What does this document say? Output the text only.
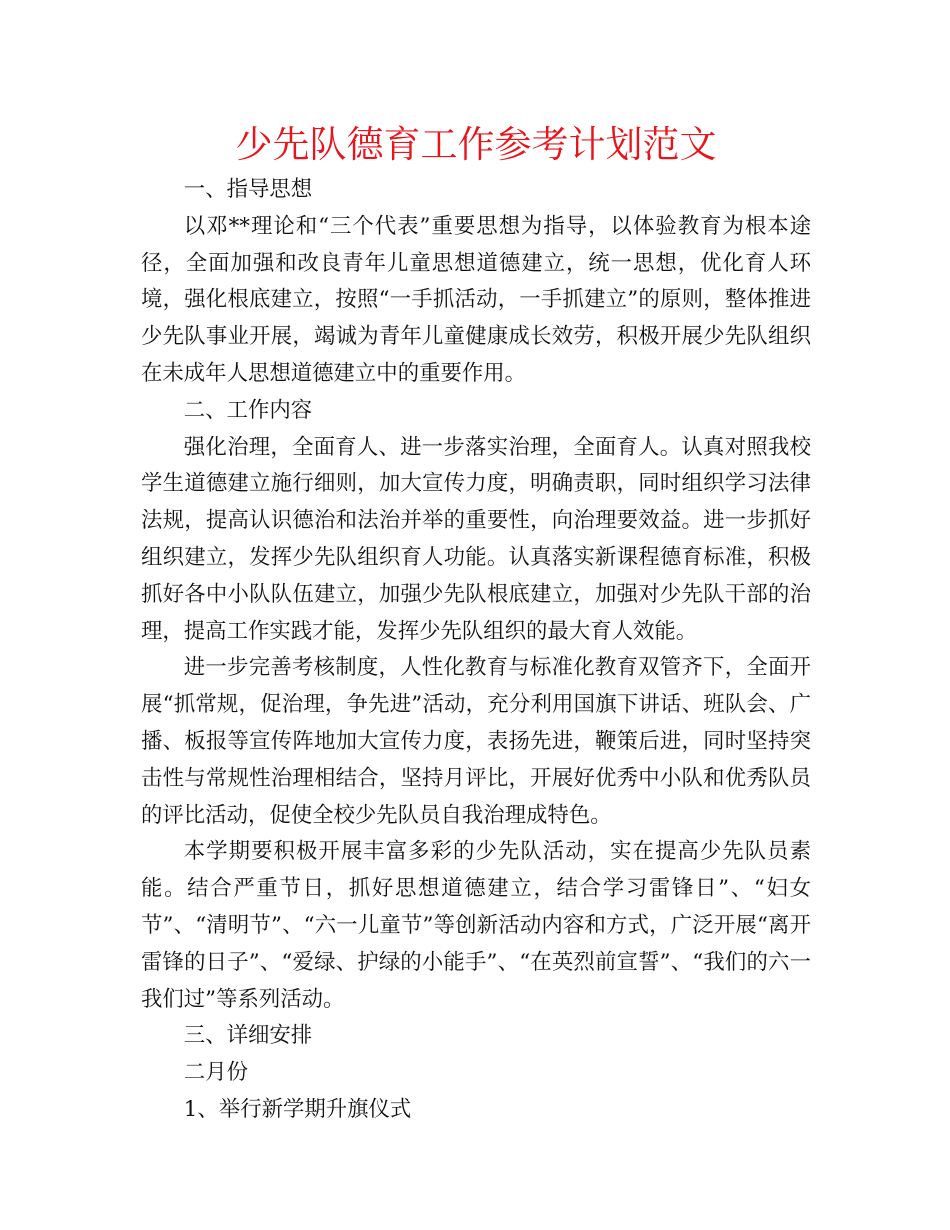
少先队德育工作参考计划范文

一、指导思想

以邓**理论和“三个代表”重要思想为指导，以体验教育为根本途径，全面加强和改良青年儿童思想道德建立，统一思想，优化育人环境，强化根底建立，按照“一手抓活动，一手抓建立”的原则，整体推进少先队事业开展，竭诚为青年儿童健康成长效劳，积极开展少先队组织在未成年人思想道德建立中的重要作用。

二、工作内容

强化治理，全面育人、进一步落实治理，全面育人。认真对照我校学生道德建立施行细则，加大宣传力度，明确责职，同时组织学习法律法规，提高认识德治和法治并举的重要性，向治理要效益。进一步抓好组织建立，发挥少先队组织育人功能。认真落实新课程德育标准，积极抓好各中小队队伍建立，加强少先队根底建立，加强对少先队干部的治理，提高工作实践才能，发挥少先队组织的最大育人效能。

进一步完善考核制度，人性化教育与标准化教育双管齐下，全面开展“抓常规，促治理，争先进”活动，充分利用国旗下讲话、班队会、广播、板报等宣传阵地加大宣传力度，表扬先进，鞭策后进，同时坚持突击性与常规性治理相结合，坚持月评比，开展好优秀中小队和优秀队员的评比活动，促使全校少先队员自我治理成特色。

本学期要积极开展丰富多彩的少先队活动，实在提高少先队员素能。结合严重节日，抓好思想道德建立，结合学习雷锋日”、“妇女节”、“清明节”、“六一儿童节”等创新活动内容和方式，广泛开展“离开雷锋的日子”、“爱绿、护绿的小能手”、“在英烈前宣誓”、“我们的六一我们过”等系列活动。

三、详细安排

二月份

1、举行新学期升旗仪式
